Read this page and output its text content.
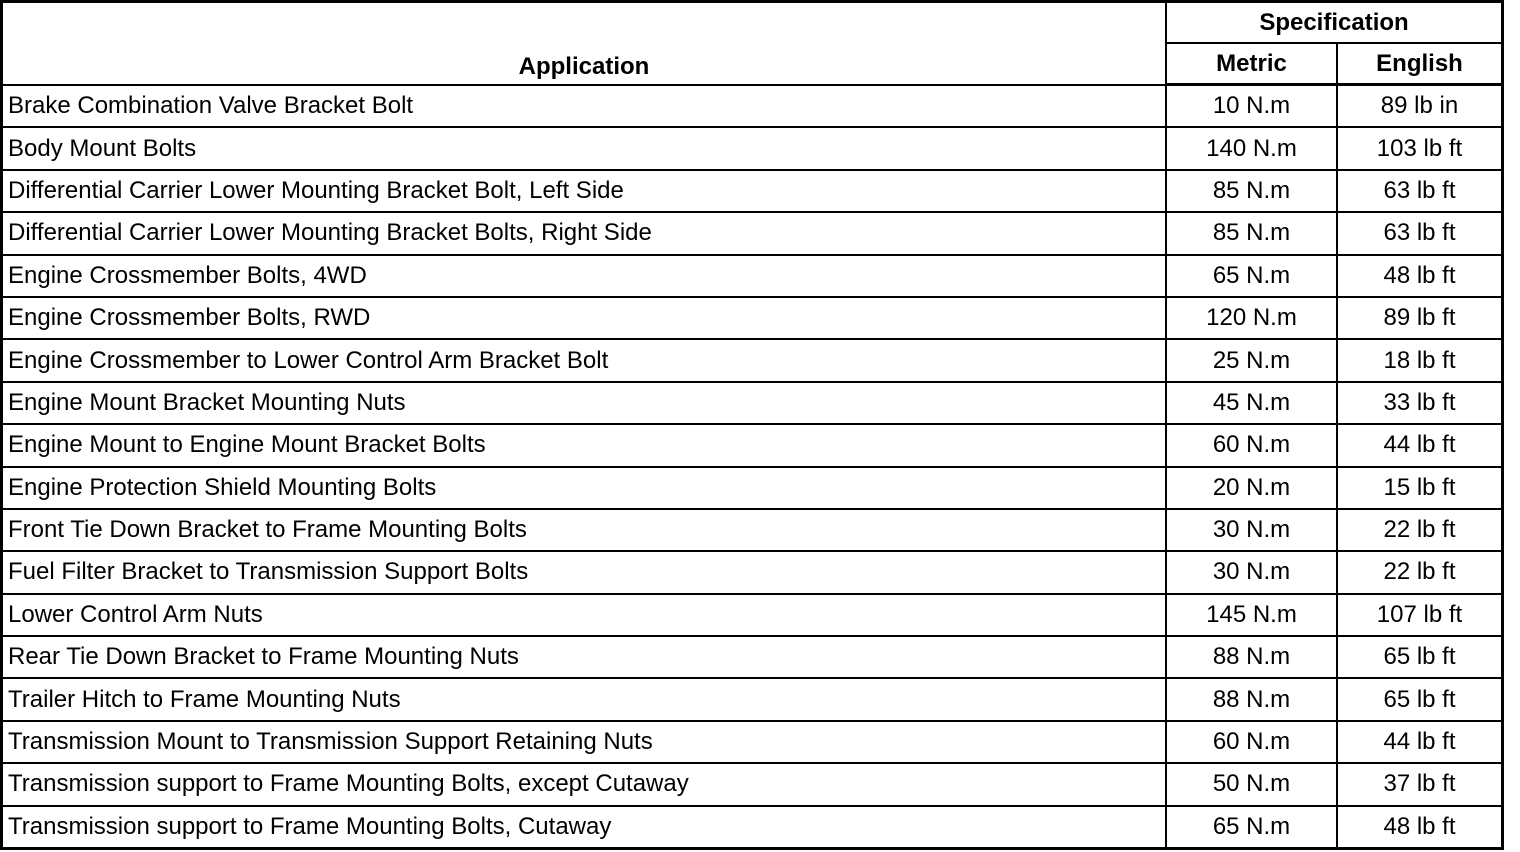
Application	Specification	
	Metric	English
Brake Combination Valve Bracket Bolt	10 N.m	89 lb in
Body Mount Bolts	140 N.m	103 lb ft
Differential Carrier Lower Mounting Bracket Bolt, Left Side	85 N.m	63 lb ft
Differential Carrier Lower Mounting Bracket Bolts, Right Side	85 N.m	63 lb ft
Engine Crossmember Bolts, 4WD	65 N.m	48 lb ft
Engine Crossmember Bolts, RWD	120 N.m	89 lb ft
Engine Crossmember to Lower Control Arm Bracket Bolt	25 N.m	18 lb ft
Engine Mount Bracket Mounting Nuts	45 N.m	33 lb ft
Engine Mount to Engine Mount Bracket Bolts	60 N.m	44 lb ft
Engine Protection Shield Mounting Bolts	20 N.m	15 lb ft
Front Tie Down Bracket to Frame Mounting Bolts	30 N.m	22 lb ft
Fuel Filter Bracket to Transmission Support Bolts	30 N.m	22 lb ft
Lower Control Arm Nuts	145 N.m	107 lb ft
Rear Tie Down Bracket to Frame Mounting Nuts	88 N.m	65 lb ft
Trailer Hitch to Frame Mounting Nuts	88 N.m	65 lb ft
Transmission Mount to Transmission Support Retaining Nuts	60 N.m	44 lb ft
Transmission support to Frame Mounting Bolts, except Cutaway	50 N.m	37 lb ft
Transmission support to Frame Mounting Bolts, Cutaway	65 N.m	48 lb ft
